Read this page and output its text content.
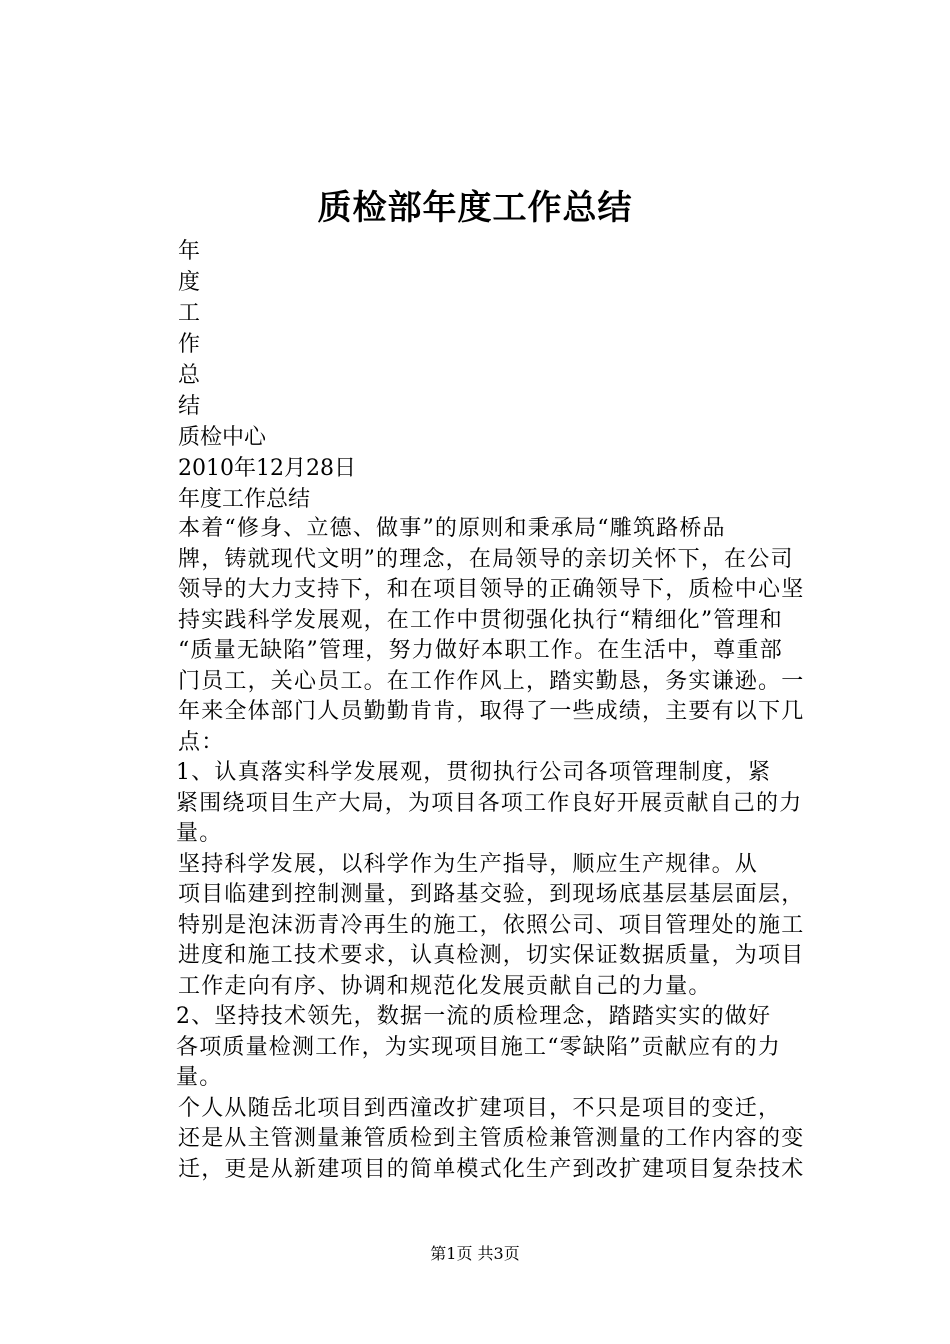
质检部年度工作总结
年
度
工
作
总
结
质检中心
2010年12月28日
年度工作总结

本着“修身、立德、做事”的原则和秉承局“雕筑路桥品
牌，铸就现代文明”的理念，在局领导的亲切关怀下，在公司
领导的大力支持下，和在项目领导的正确领导下，质检中心坚
持实践科学发展观，在工作中贯彻强化执行“精细化”管理和
“质量无缺陷”管理，努力做好本职工作。在生活中，尊重部
门员工，关心员工。在工作作风上，踏实勤恳，务实谦逊。一
年来全体部门人员勤勤肯肯，取得了一些成绩，主要有以下几
点：

1、认真落实科学发展观，贯彻执行公司各项管理制度，紧
紧围绕项目生产大局，为项目各项工作良好开展贡献自己的力
量。

坚持科学发展，以科学作为生产指导，顺应生产规律。从
项目临建到控制测量，到路基交验，到现场底基层基层面层，
特别是泡沫沥青冷再生的施工，依照公司、项目管理处的施工
进度和施工技术要求，认真检测，切实保证数据质量，为项目
工作走向有序、协调和规范化发展贡献自己的力量。

2、坚持技术领先，数据一流的质检理念，踏踏实实的做好
各项质量检测工作，为实现项目施工“零缺陷”贡献应有的力
量。

个人从随岳北项目到西潼改扩建项目，不只是项目的变迁，
还是从主管测量兼管质检到主管质检兼管测量的工作内容的变
迁，更是从新建项目的简单模式化生产到改扩建项目复杂技术

第1页 共3页
